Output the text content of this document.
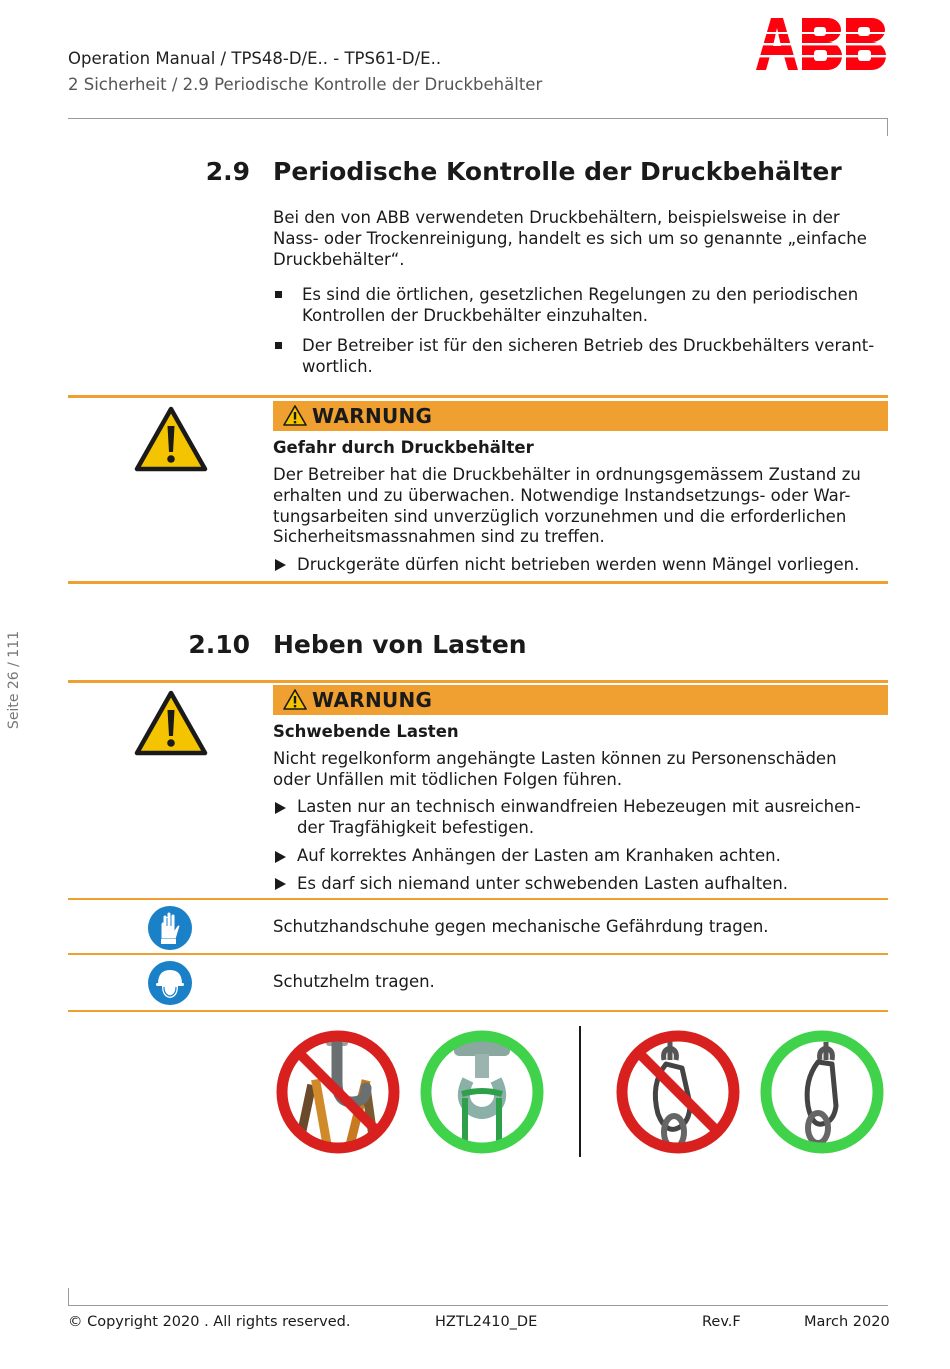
Operation Manual / TPS48-D/E.. - TPS61-D/E..
2 Sicherheit / 2.9 Periodische Kontrolle der Druckbehälter
Seite 26 / 111
2.9 Periodische Kontrolle der Druckbehälter
Bei den von ABB verwendeten Druckbehältern, beispielsweise in der
Nass- oder Trockenreinigung, handelt es sich um so genannte „einfache
Druckbehälter“.
Es sind die örtlichen, gesetzlichen Regelungen zu den periodischen
Kontrollen der Druckbehälter einzuhalten.
Der Betreiber ist für den sicheren Betrieb des Druckbehälters verant-
wortlich.
WARNUNG
Gefahr durch Druckbehälter
Der Betreiber hat die Druckbehälter in ordnungsgemässem Zustand zu
erhalten und zu überwachen. Notwendige Instandsetzungs- oder War-
tungsarbeiten sind unverzüglich vorzunehmen und die erforderlichen
Sicherheitsmassnahmen sind zu treffen.
Druckgeräte dürfen nicht betrieben werden wenn Mängel vorliegen.
2.10 Heben von Lasten
WARNUNG
Schwebende Lasten
Nicht regelkonform angehängte Lasten können zu Personenschäden
oder Unfällen mit tödlichen Folgen führen.
Lasten nur an technisch einwandfreien Hebezeugen mit ausreichen-
der Tragfähigkeit befestigen.
Auf korrektes Anhängen der Lasten am Kranhaken achten.
Es darf sich niemand unter schwebenden Lasten aufhalten.
Schutzhandschuhe gegen mechanische Gefährdung tragen.
Schutzhelm tragen.
© Copyright 2020 . All rights reserved.	HZTL2410_DE	Rev.F	March 2020
